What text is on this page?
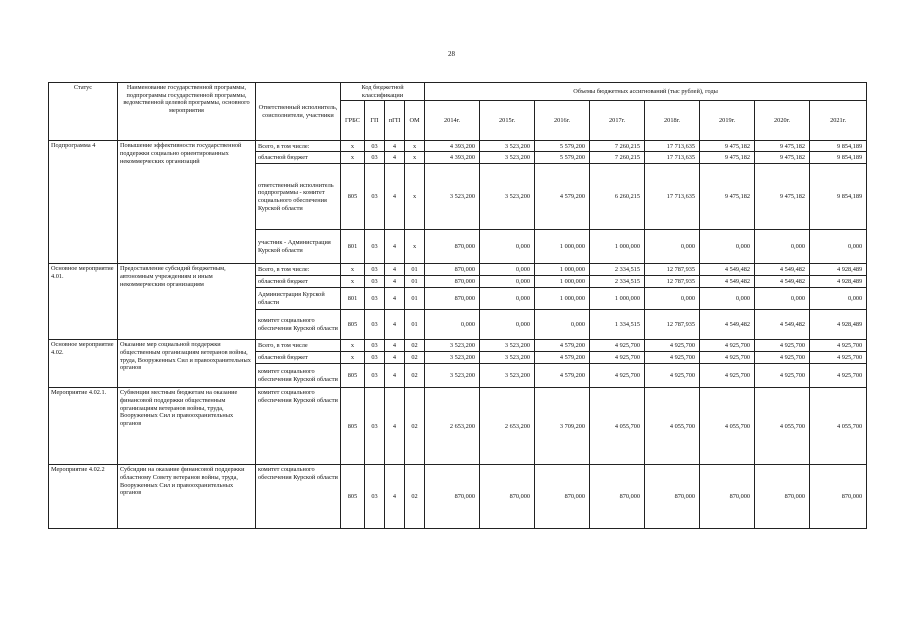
28
Статус	Наименование государственной программы, подпрограммы государственной программы, ведомственной целевой программы, основного мероприятия	Ответственный исполнитель, соисполнители, участники	Код бюджетной классификации				Объемы бюджетных ассигнований (тыс рублей), годы							
			ГРБС	ГП	пГП	ОМ	2014г.	2015г.	2016г.	2017г.	2018г.	2019г.	2020г.	2021г.
Подпрограмма 4	Повышение эффективности государственной поддержки социально ориентированных некоммерческих организаций	Всего, в том числе:	х	03	4	х	4 393,200	3 523,200	5 579,200	7 260,215	17 713,635	9 475,182	9 475,182	9 854,189
		областной бюджет	х	03	4	х	4 393,200	3 523,200	5 579,200	7 260,215	17 713,635	9 475,182	9 475,182	9 854,189
		ответственный исполнитель подпрограммы - комитет социального обеспечения Курской области	805	03	4	х	3 523,200	3 523,200	4 579,200	6 260,215	17 713,635	9 475,182	9 475,182	9 854,189
		участник - Администрация Курской области	801	03	4	х	870,000	0,000	1 000,000	1 000,000	0,000	0,000	0,000	0,000
Основное мероприятие 4.01.	Предоставление субсидий бюджетным, автономным учреждениям и иным некоммерческим организациям	Всего, в том числе:	х	03	4	01	870,000	0,000	1 000,000	2 334,515	12 787,935	4 549,482	4 549,482	4 928,489
		областной бюджет	х	03	4	01	870,000	0,000	1 000,000	2 334,515	12 787,935	4 549,482	4 549,482	4 928,489
		Администрация Курской области	801	03	4	01	870,000	0,000	1 000,000	1 000,000	0,000	0,000	0,000	0,000
		комитет социального обеспечения Курской области	805	03	4	01	0,000	0,000	0,000	1 334,515	12 787,935	4 549,482	4 549,482	4 928,489
Основное мероприятие 4.02.	Оказание мер социальной поддержки общественным организациям ветеранов войны, труда, Вооруженных Сил и правоохранительных органов	Всего, в том числе	х	03	4	02	3 523,200	3 523,200	4 579,200	4 925,700	4 925,700	4 925,700	4 925,700	4 925,700
		областной бюджет	х	03	4	02	3 523,200	3 523,200	4 579,200	4 925,700	4 925,700	4 925,700	4 925,700	4 925,700
		комитет социального обеспечения Курской области	805	03	4	02	3 523,200	3 523,200	4 579,200	4 925,700	4 925,700	4 925,700	4 925,700	4 925,700
Мероприятие 4.02.1.	Субвенции местным бюджетам на оказание финансовой поддержки общественным организациям ветеранов войны, труда, Вооруженных Сил и правоохранительных органов	комитет социального обеспечения Курской области	805	03	4	02	2 653,200	2 653,200	3 709,200	4 055,700	4 055,700	4 055,700	4 055,700	4 055,700
Мероприятие 4.02.2	Субсидии на оказание финансовой поддержки областному Совету ветеранов войны, труда, Вооруженных Сил и правоохранительных органов	комитет социального обеспечения Курской области	805	03	4	02	870,000	870,000	870,000	870,000	870,000	870,000	870,000	870,000
